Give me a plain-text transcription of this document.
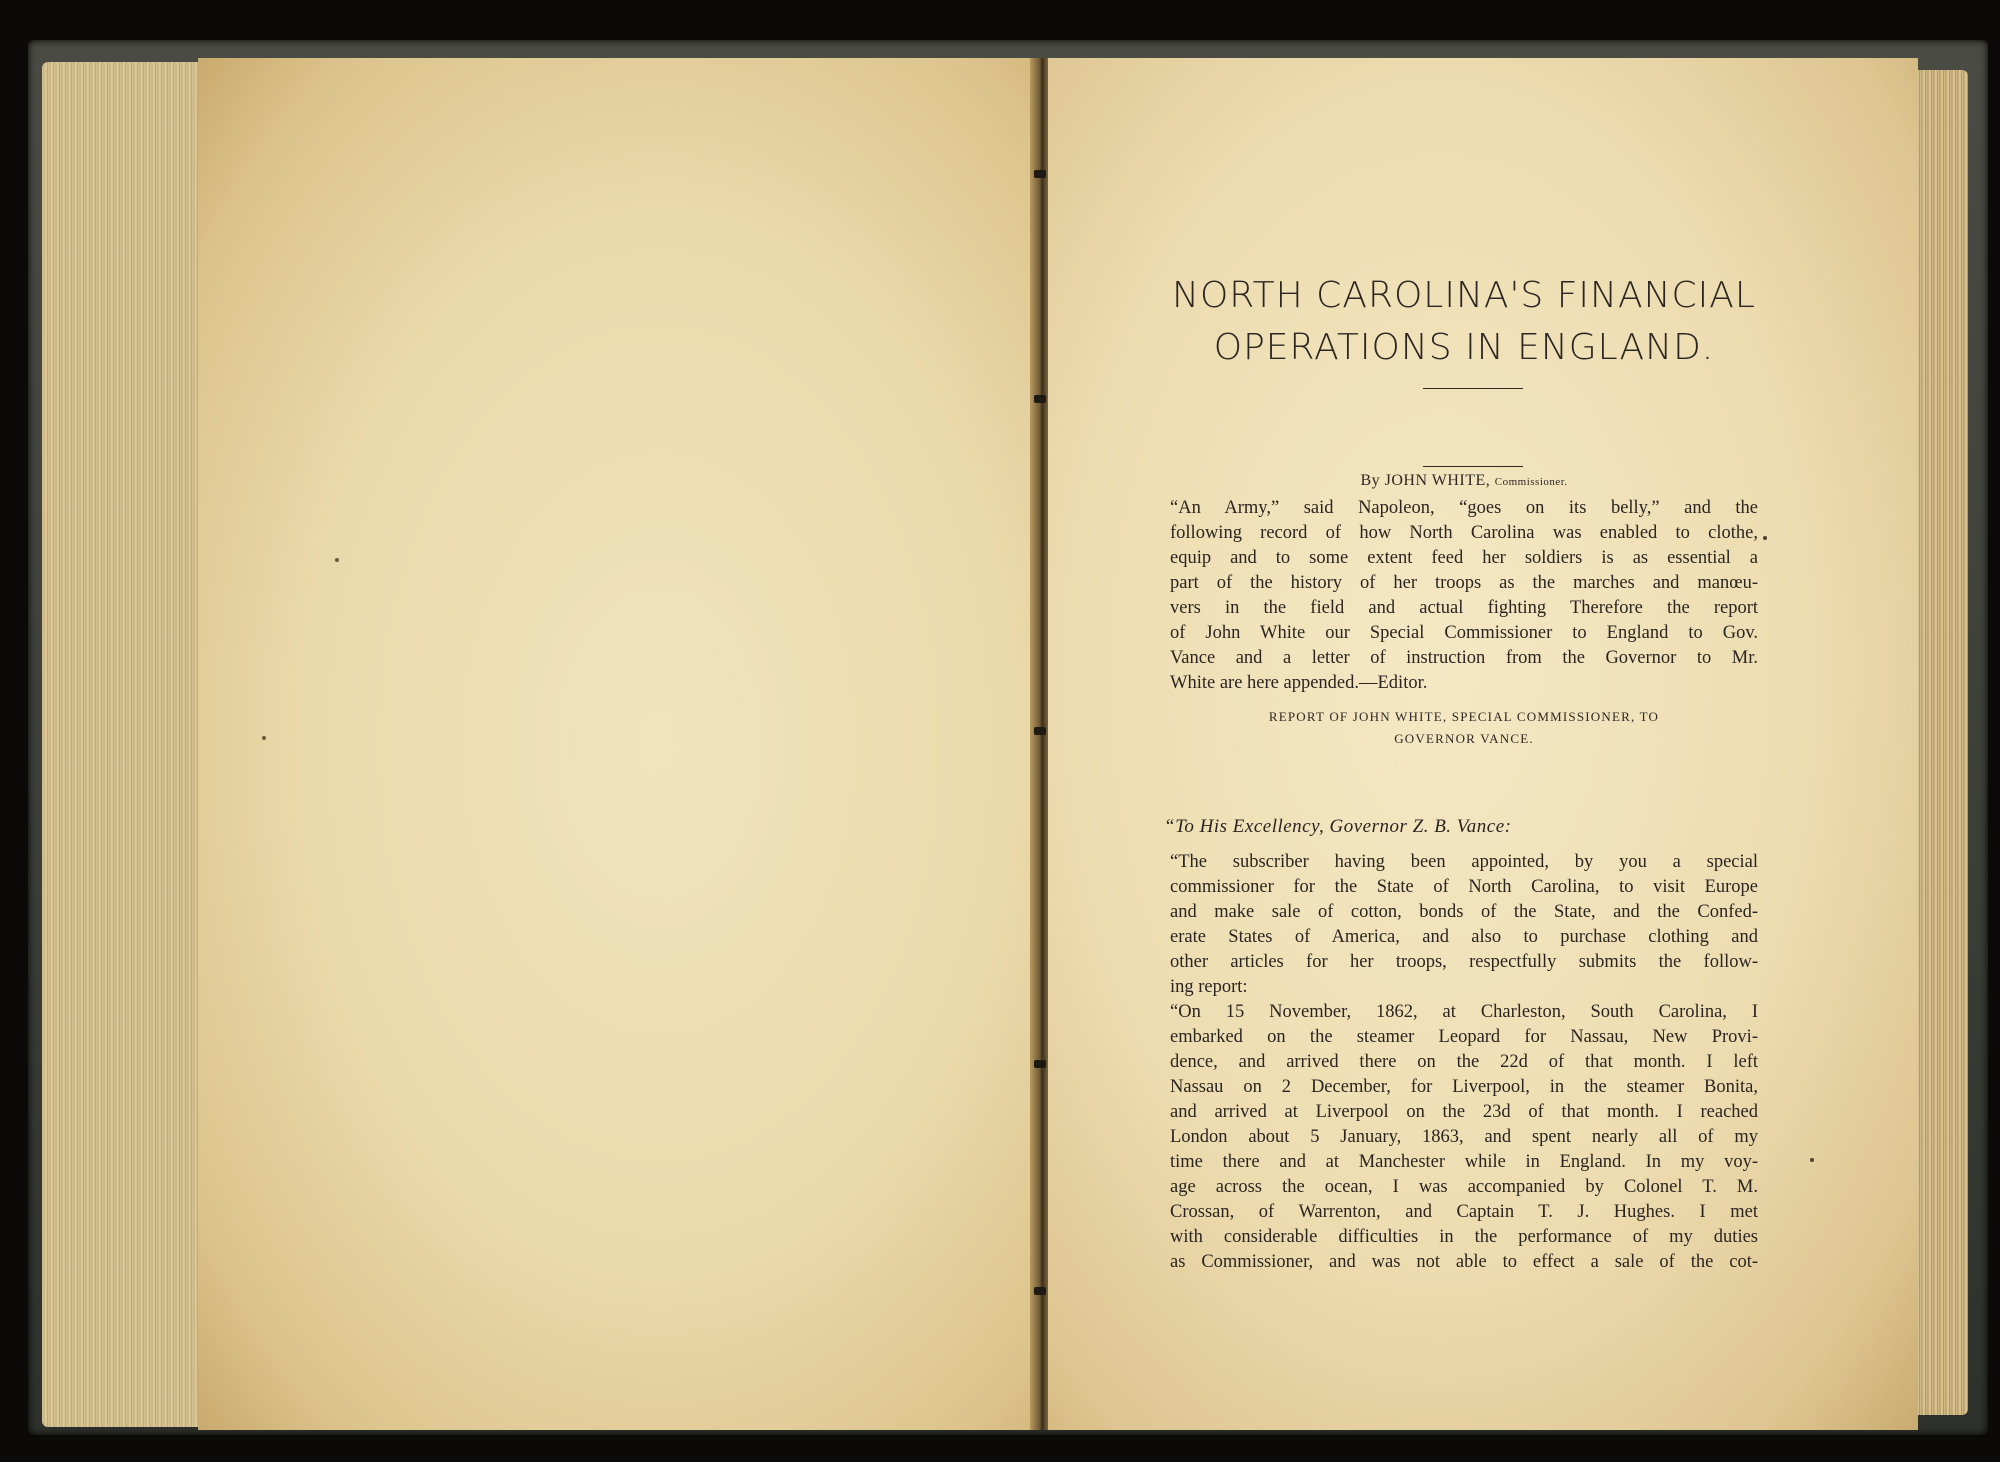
NORTH CAROLINA'S FINANCIAL
OPERATIONS IN ENGLAND.
By JOHN WHITE, Commissioner.
“An Army,” said Napoleon, “goes on its belly,” and the
following record of how North Carolina was enabled to clothe,
equip and to some extent feed her soldiers is as essential a
part of the history of her troops as the marches and manœu-
vers in the field and actual fighting Therefore the report
of John White our Special Commissioner to England to Gov.
Vance and a letter of instruction from the Governor to Mr.
White are here appended.—Editor.
REPORT OF JOHN WHITE, SPECIAL COMMISSIONER, TO
GOVERNOR VANCE.
“To His Excellency, Governor Z. B. Vance:
“The subscriber having been appointed, by you a special
commissioner for the State of North Carolina, to visit Europe
and make sale of cotton, bonds of the State, and the Confed-
erate States of America, and also to purchase clothing and
other articles for her troops, respectfully submits the follow-
ing report:
“On 15 November, 1862, at Charleston, South Carolina, I
embarked on the steamer Leopard for Nassau, New Provi-
dence, and arrived there on the 22d of that month. I left
Nassau on 2 December, for Liverpool, in the steamer Bonita,
and arrived at Liverpool on the 23d of that month. I reached
London about 5 January, 1863, and spent nearly all of my
time there and at Manchester while in England. In my voy-
age across the ocean, I was accompanied by Colonel T. M.
Crossan, of Warrenton, and Captain T. J. Hughes. I met
with considerable difficulties in the performance of my duties
as Commissioner, and was not able to effect a sale of the cot-
